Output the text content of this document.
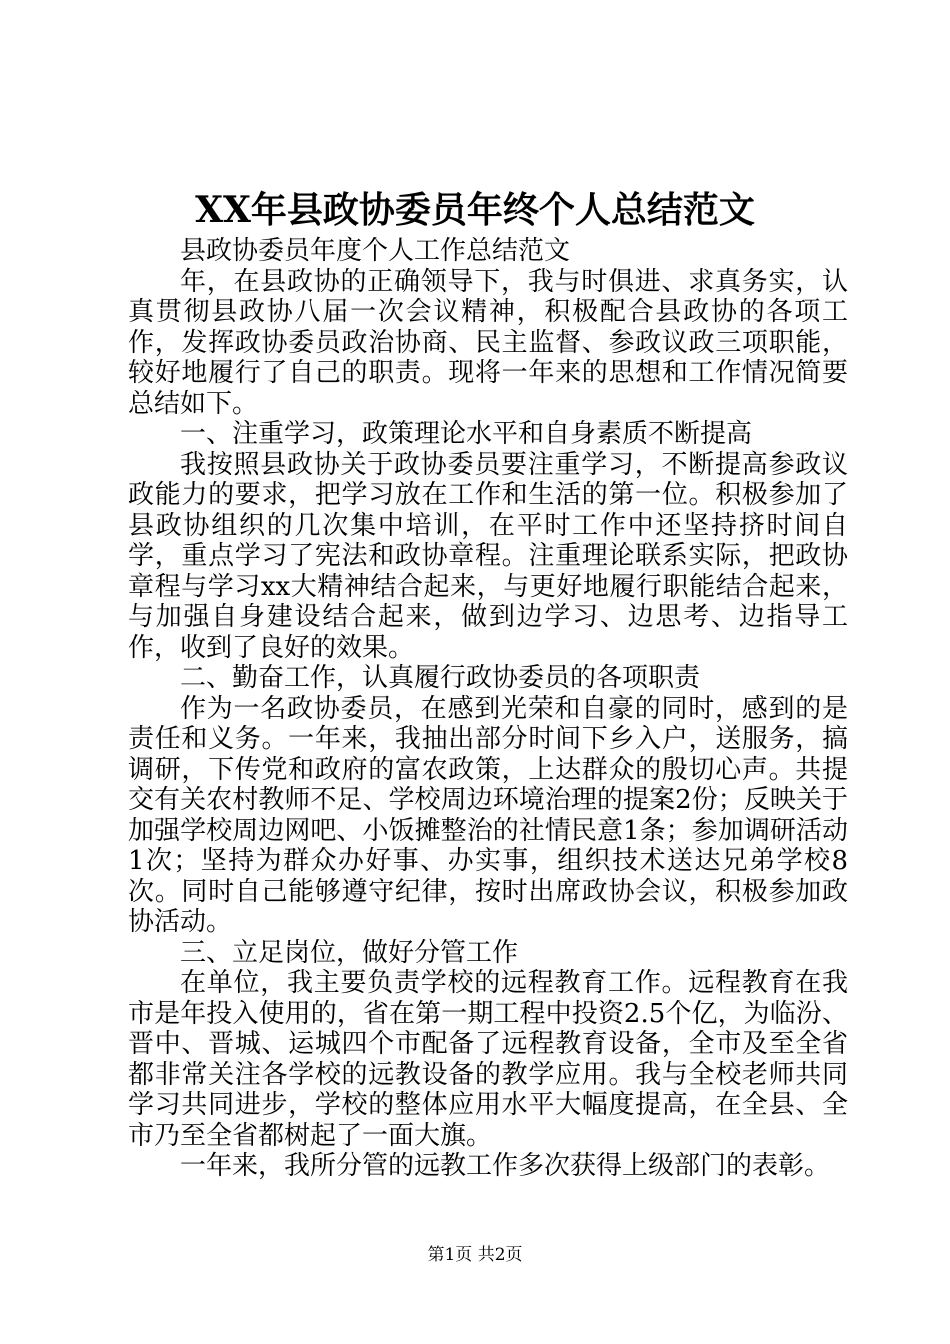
XX年县政协委员年终个人总结范文

县政协委员年度个人工作总结范文

年，在县政协的正确领导下，我与时俱进、求真务实，认真贯彻县政协八届一次会议精神，积极配合县政协的各项工作，发挥政协委员政治协商、民主监督、参政议政三项职能，较好地履行了自己的职责。现将一年来的思想和工作情况简要总结如下。

一、注重学习，政策理论水平和自身素质不断提高

我按照县政协关于政协委员要注重学习，不断提高参政议政能力的要求，把学习放在工作和生活的第一位。积极参加了县政协组织的几次集中培训，在平时工作中还坚持挤时间自学，重点学习了宪法和政协章程。注重理论联系实际，把政协章程与学习xx大精神结合起来，与更好地履行职能结合起来，与加强自身建设结合起来，做到边学习、边思考、边指导工作，收到了良好的效果。

二、勤奋工作，认真履行政协委员的各项职责

作为一名政协委员，在感到光荣和自豪的同时，感到的是责任和义务。一年来，我抽出部分时间下乡入户，送服务，搞调研，下传党和政府的富农政策，上达群众的殷切心声。共提交有关农村教师不足、学校周边环境治理的提案2份；反映关于加强学校周边网吧、小饭摊整治的社情民意1条；参加调研活动1次；坚持为群众办好事、办实事，组织技术送达兄弟学校8次。同时自己能够遵守纪律，按时出席政协会议，积极参加政协活动。

三、立足岗位，做好分管工作

在单位，我主要负责学校的远程教育工作。远程教育在我市是年投入使用的，省在第一期工程中投资2.5个亿，为临汾、晋中、晋城、运城四个市配备了远程教育设备，全市及至全省都非常关注各学校的远教设备的教学应用。我与全校老师共同学习共同进步，学校的整体应用水平大幅度提高，在全县、全市乃至全省都树起了一面大旗。

一年来，我所分管的远教工作多次获得上级部门的表彰。

第1页 共2页
